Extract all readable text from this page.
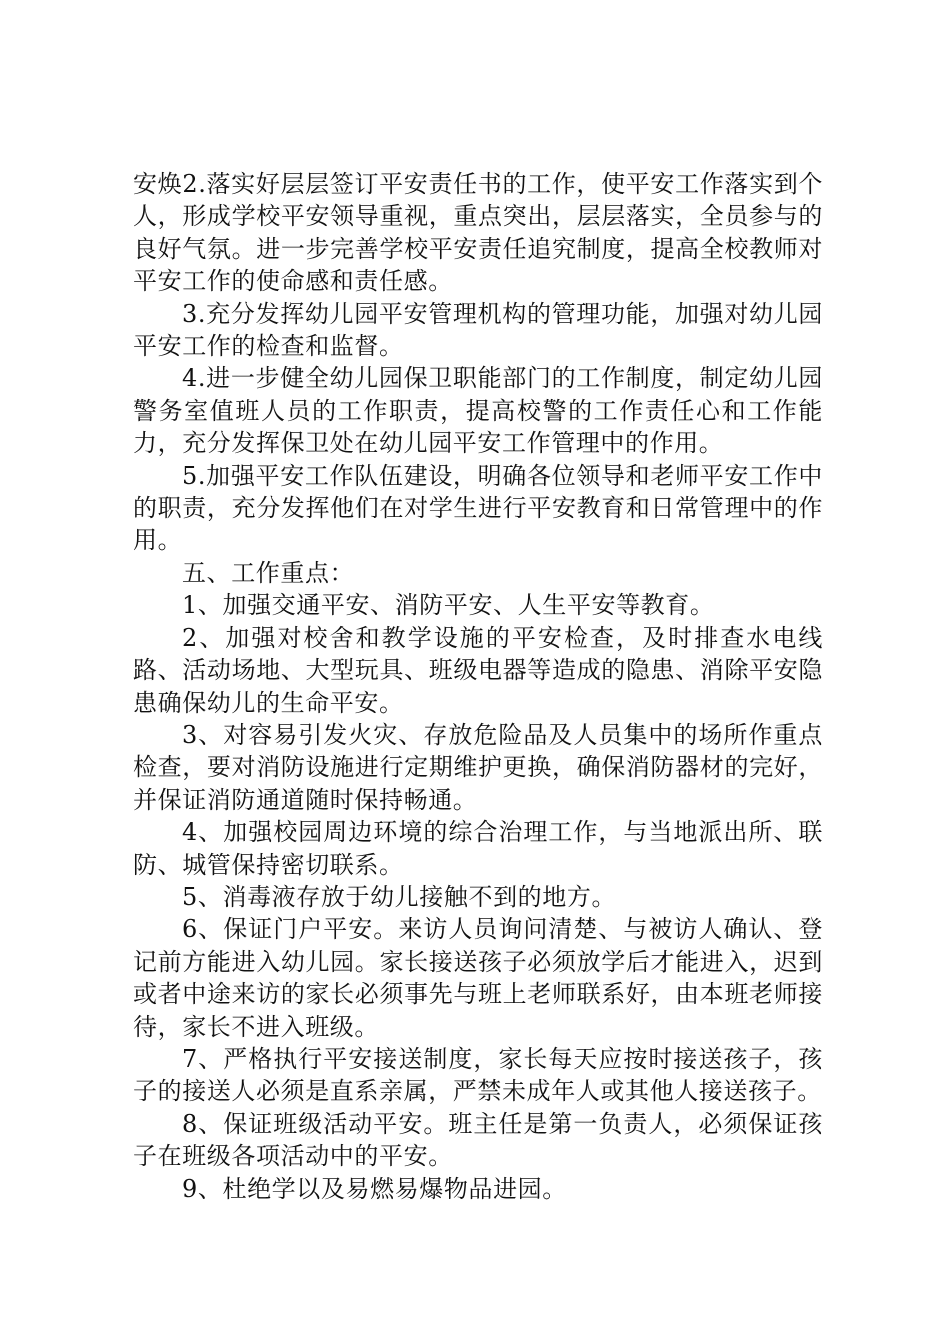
安焕2.落实好层层签订平安责任书的工作，使平安工作落实到个人，形成学校平安领导重视，重点突出，层层落实，全员参与的良好气氛。进一步完善学校平安责任追究制度，提高全校教师对平安工作的使命感和责任感。

3.充分发挥幼儿园平安管理机构的管理功能，加强对幼儿园平安工作的检查和监督。

4.进一步健全幼儿园保卫职能部门的工作制度，制定幼儿园警务室值班人员的工作职责，提高校警的工作责任心和工作能力，充分发挥保卫处在幼儿园平安工作管理中的作用。

5.加强平安工作队伍建设，明确各位领导和老师平安工作中的职责，充分发挥他们在对学生进行平安教育和日常管理中的作用。

五、工作重点：

1、加强交通平安、消防平安、人生平安等教育。

2、加强对校舍和教学设施的平安检查，及时排查水电线路、活动场地、大型玩具、班级电器等造成的隐患、消除平安隐患确保幼儿的生命平安。

3、对容易引发火灾、存放危险品及人员集中的场所作重点检查，要对消防设施进行定期维护更换，确保消防器材的完好，并保证消防通道随时保持畅通。

4、加强校园周边环境的综合治理工作，与当地派出所、联防、城管保持密切联系。

5、消毒液存放于幼儿接触不到的地方。

6、保证门户平安。来访人员询问清楚、与被访人确认、登记前方能进入幼儿园。家长接送孩子必须放学后才能进入，迟到或者中途来访的家长必须事先与班上老师联系好，由本班老师接待，家长不进入班级。

7、严格执行平安接送制度，家长每天应按时接送孩子，孩子的接送人必须是直系亲属，严禁未成年人或其他人接送孩子。

8、保证班级活动平安。班主任是第一负责人，必须保证孩子在班级各项活动中的平安。

9、杜绝学以及易燃易爆物品进园。
